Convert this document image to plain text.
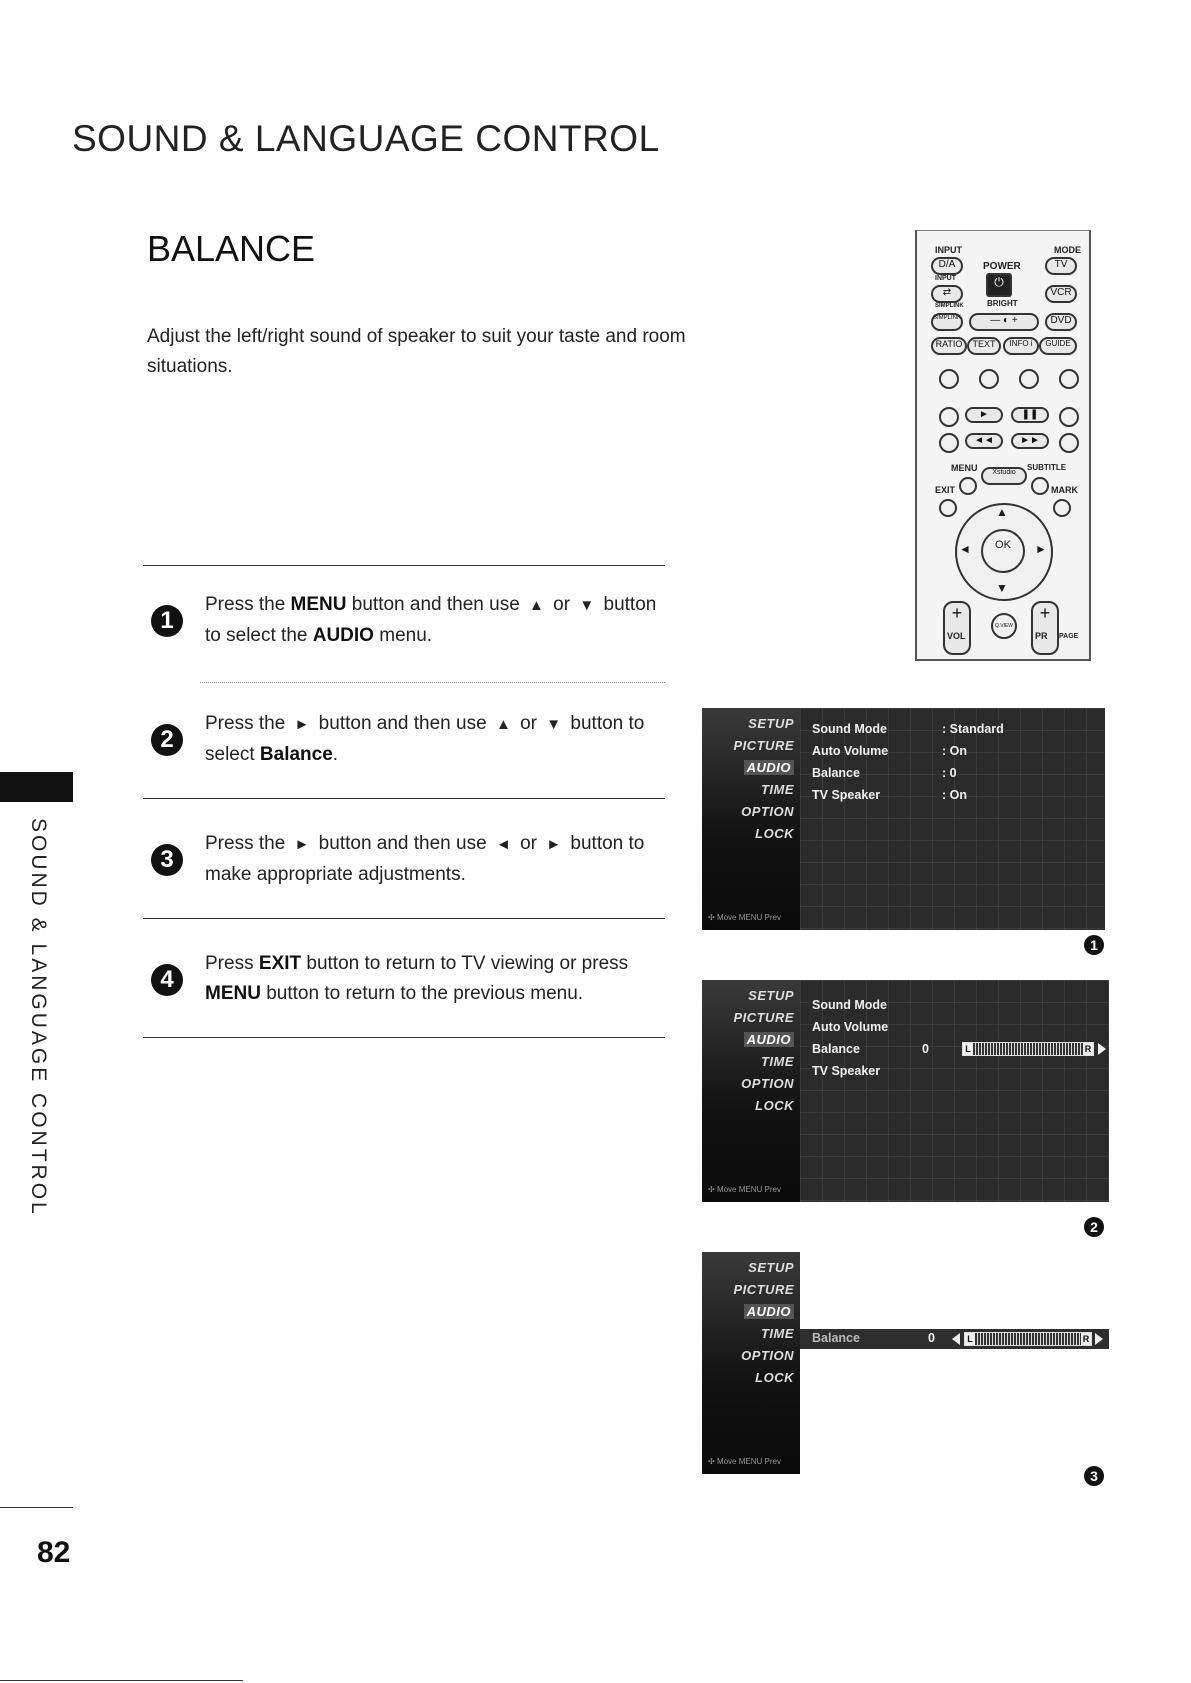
SOUND & LANGUAGE CONTROL
BALANCE
Adjust the left/right sound of speaker to suit your taste and room situations.
1
Press the MENU button and then use ▲ or ▼ button
to select the AUDIO menu.
2
Press the ► button and then use ▲ or ▼ button to
select Balance.
3
Press the ► button and then use ◄ or ► button to
make appropriate adjustments.
4
Press EXIT button to return to TV viewing or press
MENU button to return to the previous menu.
SOUND & LANGUAGE CONTROL
82
INPUT	MODE
D/A	POWER	TV
INPUT	⏻
⇄	VCR
SIMPLINK	BRIGHT
SIMPLINK	— ◐ +	DVD
RATIO	TEXT	INFO i	GUIDE
►	❚❚
◄◄	►►
MENU	Xstudio
SUBTITLE
EXIT	MARK
▲
▼
◄	►
OK
+
VOL
Q.VIEW
+
PR PAGE
SETUP
PICTURE
AUDIO
TIME
OPTION
LOCK
✣ Move MENU Prev
Sound Mode	: Standard
Auto Volume	: On
Balance	: 0
TV Speaker	: On
1
SETUP
PICTURE
AUDIO
TIME
OPTION
LOCK
✣ Move MENU Prev
Sound Mode
Auto Volume
Balance	0	L	R
TV Speaker
2
SETUP
PICTURE
AUDIO
TIME
OPTION
LOCK
✣ Move MENU Prev
Balance	0	L	R
3
